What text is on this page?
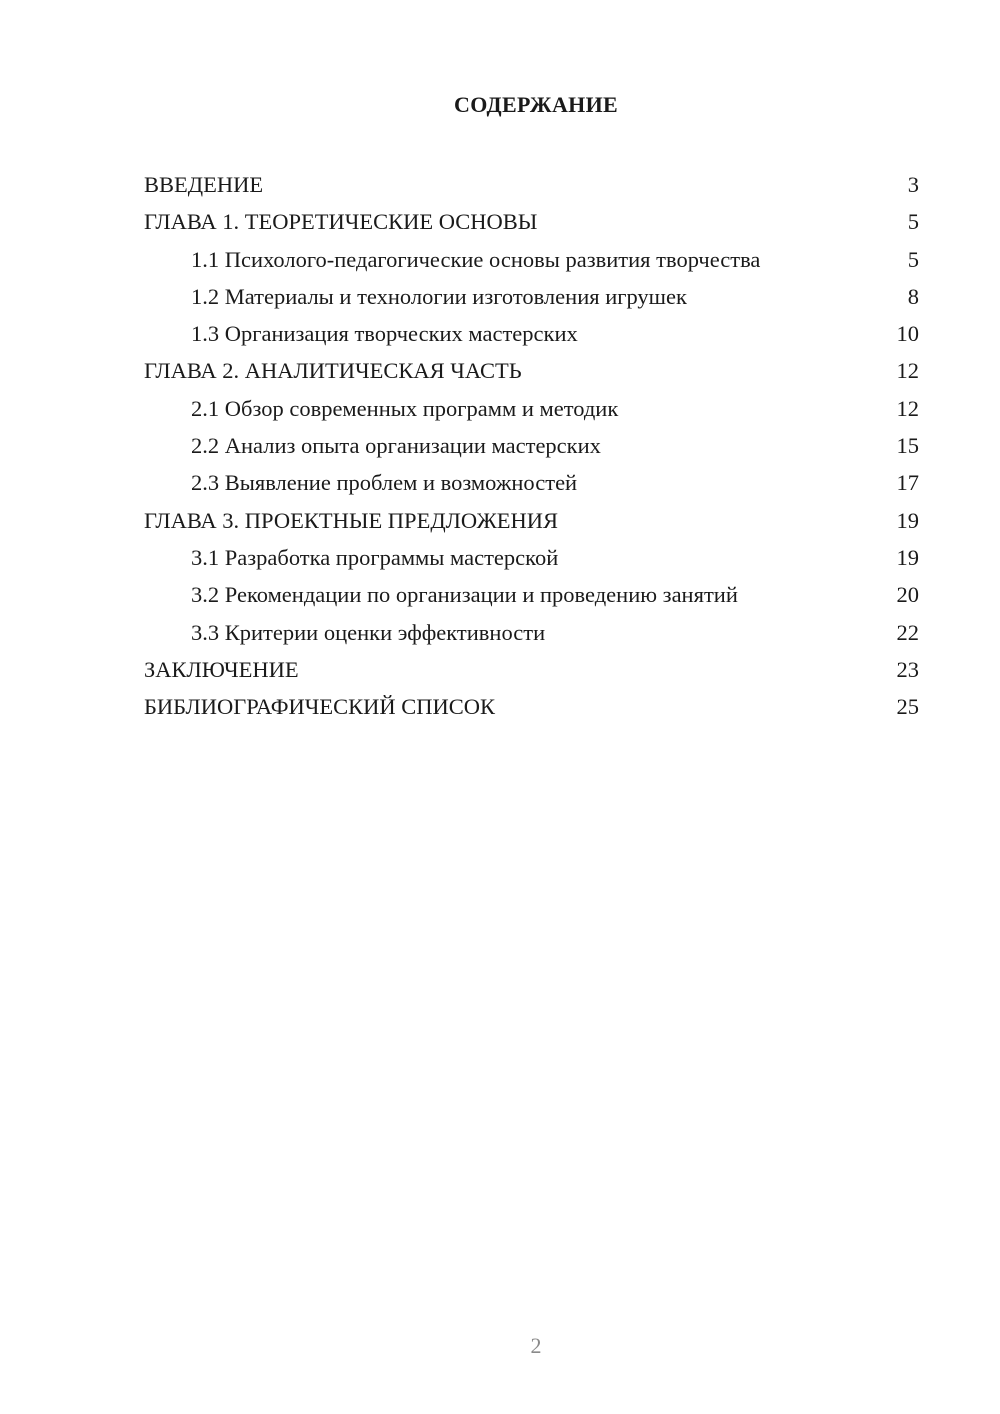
СОДЕРЖАНИЕ
ВВЕДЕНИЕ	3
ГЛАВА 1. ТЕОРЕТИЧЕСКИЕ ОСНОВЫ	5
1.1 Психолого-педагогические основы развития творчества	5
1.2 Материалы и технологии изготовления игрушек	8
1.3 Организация творческих мастерских	10
ГЛАВА 2. АНАЛИТИЧЕСКАЯ ЧАСТЬ	12
2.1 Обзор современных программ и методик	12
2.2 Анализ опыта организации мастерских	15
2.3 Выявление проблем и возможностей	17
ГЛАВА 3. ПРОЕКТНЫЕ ПРЕДЛОЖЕНИЯ	19
3.1 Разработка программы мастерской	19
3.2 Рекомендации по организации и проведению занятий	20
3.3 Критерии оценки эффективности	22
ЗАКЛЮЧЕНИЕ	23
БИБЛИОГРАФИЧЕСКИЙ СПИСОК	25
2
